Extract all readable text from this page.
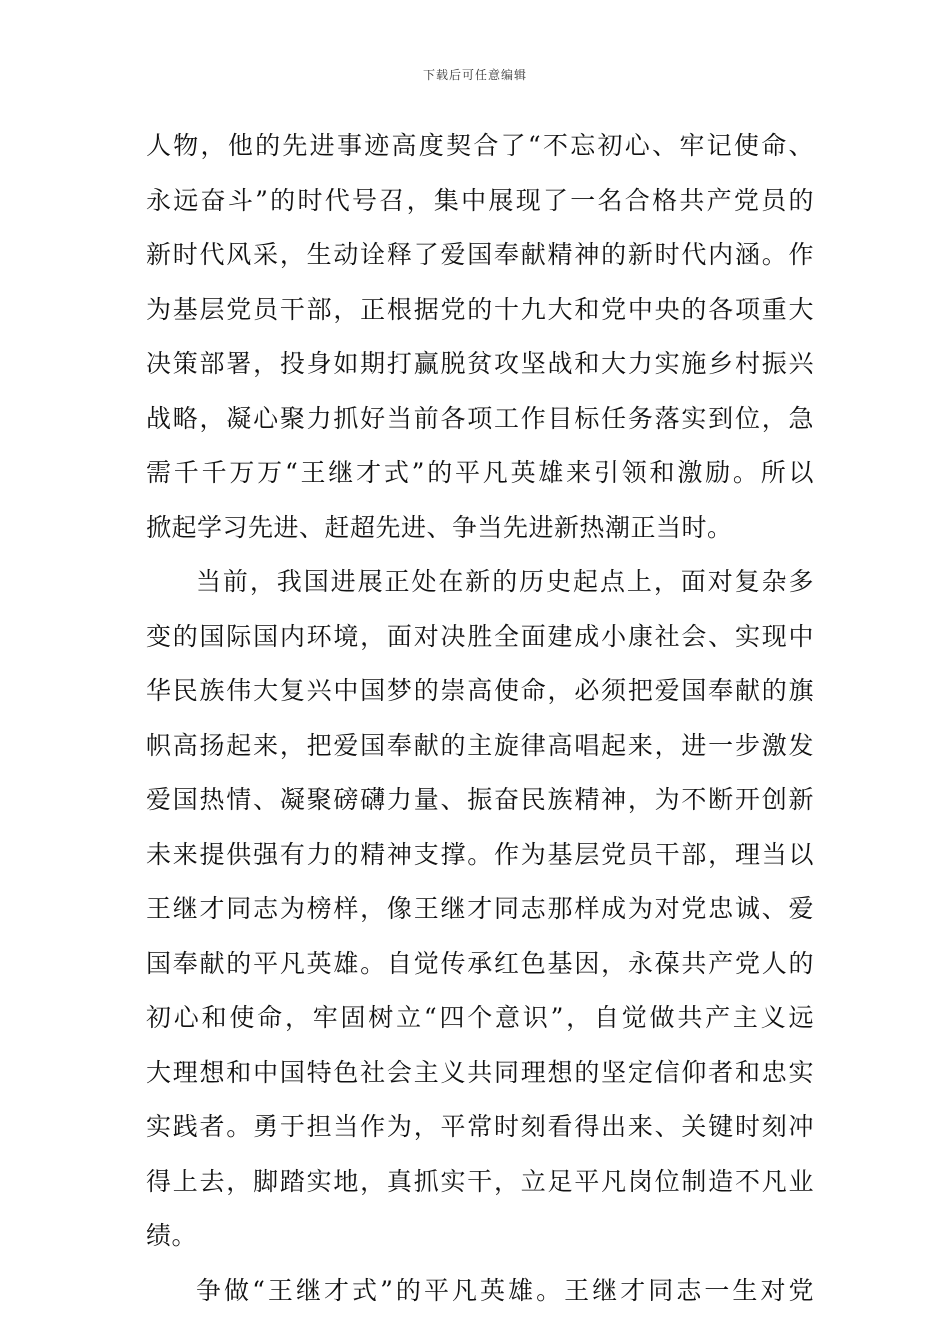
下载后可任意编辑
人物，他的先进事迹高度契合了“不忘初心、牢记使命、
永远奋斗”的时代号召，集中展现了一名合格共产党员的
新时代风采，生动诠释了爱国奉献精神的新时代内涵。作
为基层党员干部，正根据党的十九大和党中央的各项重大
决策部署，投身如期打赢脱贫攻坚战和大力实施乡村振兴
战略，凝心聚力抓好当前各项工作目标任务落实到位，急
需千千万万“王继才式”的平凡英雄来引领和激励。所以
掀起学习先进、赶超先进、争当先进新热潮正当时。
当前，我国进展正处在新的历史起点上，面对复杂多
变的国际国内环境，面对决胜全面建成小康社会、实现中
华民族伟大复兴中国梦的崇高使命，必须把爱国奉献的旗
帜高扬起来，把爱国奉献的主旋律高唱起来，进一步激发
爱国热情、凝聚磅礴力量、振奋民族精神，为不断开创新
未来提供强有力的精神支撑。作为基层党员干部，理当以
王继才同志为榜样，像王继才同志那样成为对党忠诚、爱
国奉献的平凡英雄。自觉传承红色基因，永葆共产党人的
初心和使命，牢固树立“四个意识”，自觉做共产主义远
大理想和中国特色社会主义共同理想的坚定信仰者和忠实
实践者。勇于担当作为，平常时刻看得出来、关键时刻冲
得上去，脚踏实地，真抓实干，立足平凡岗位制造不凡业
绩。
争做“王继才式”的平凡英雄。王继才同志一生对党
